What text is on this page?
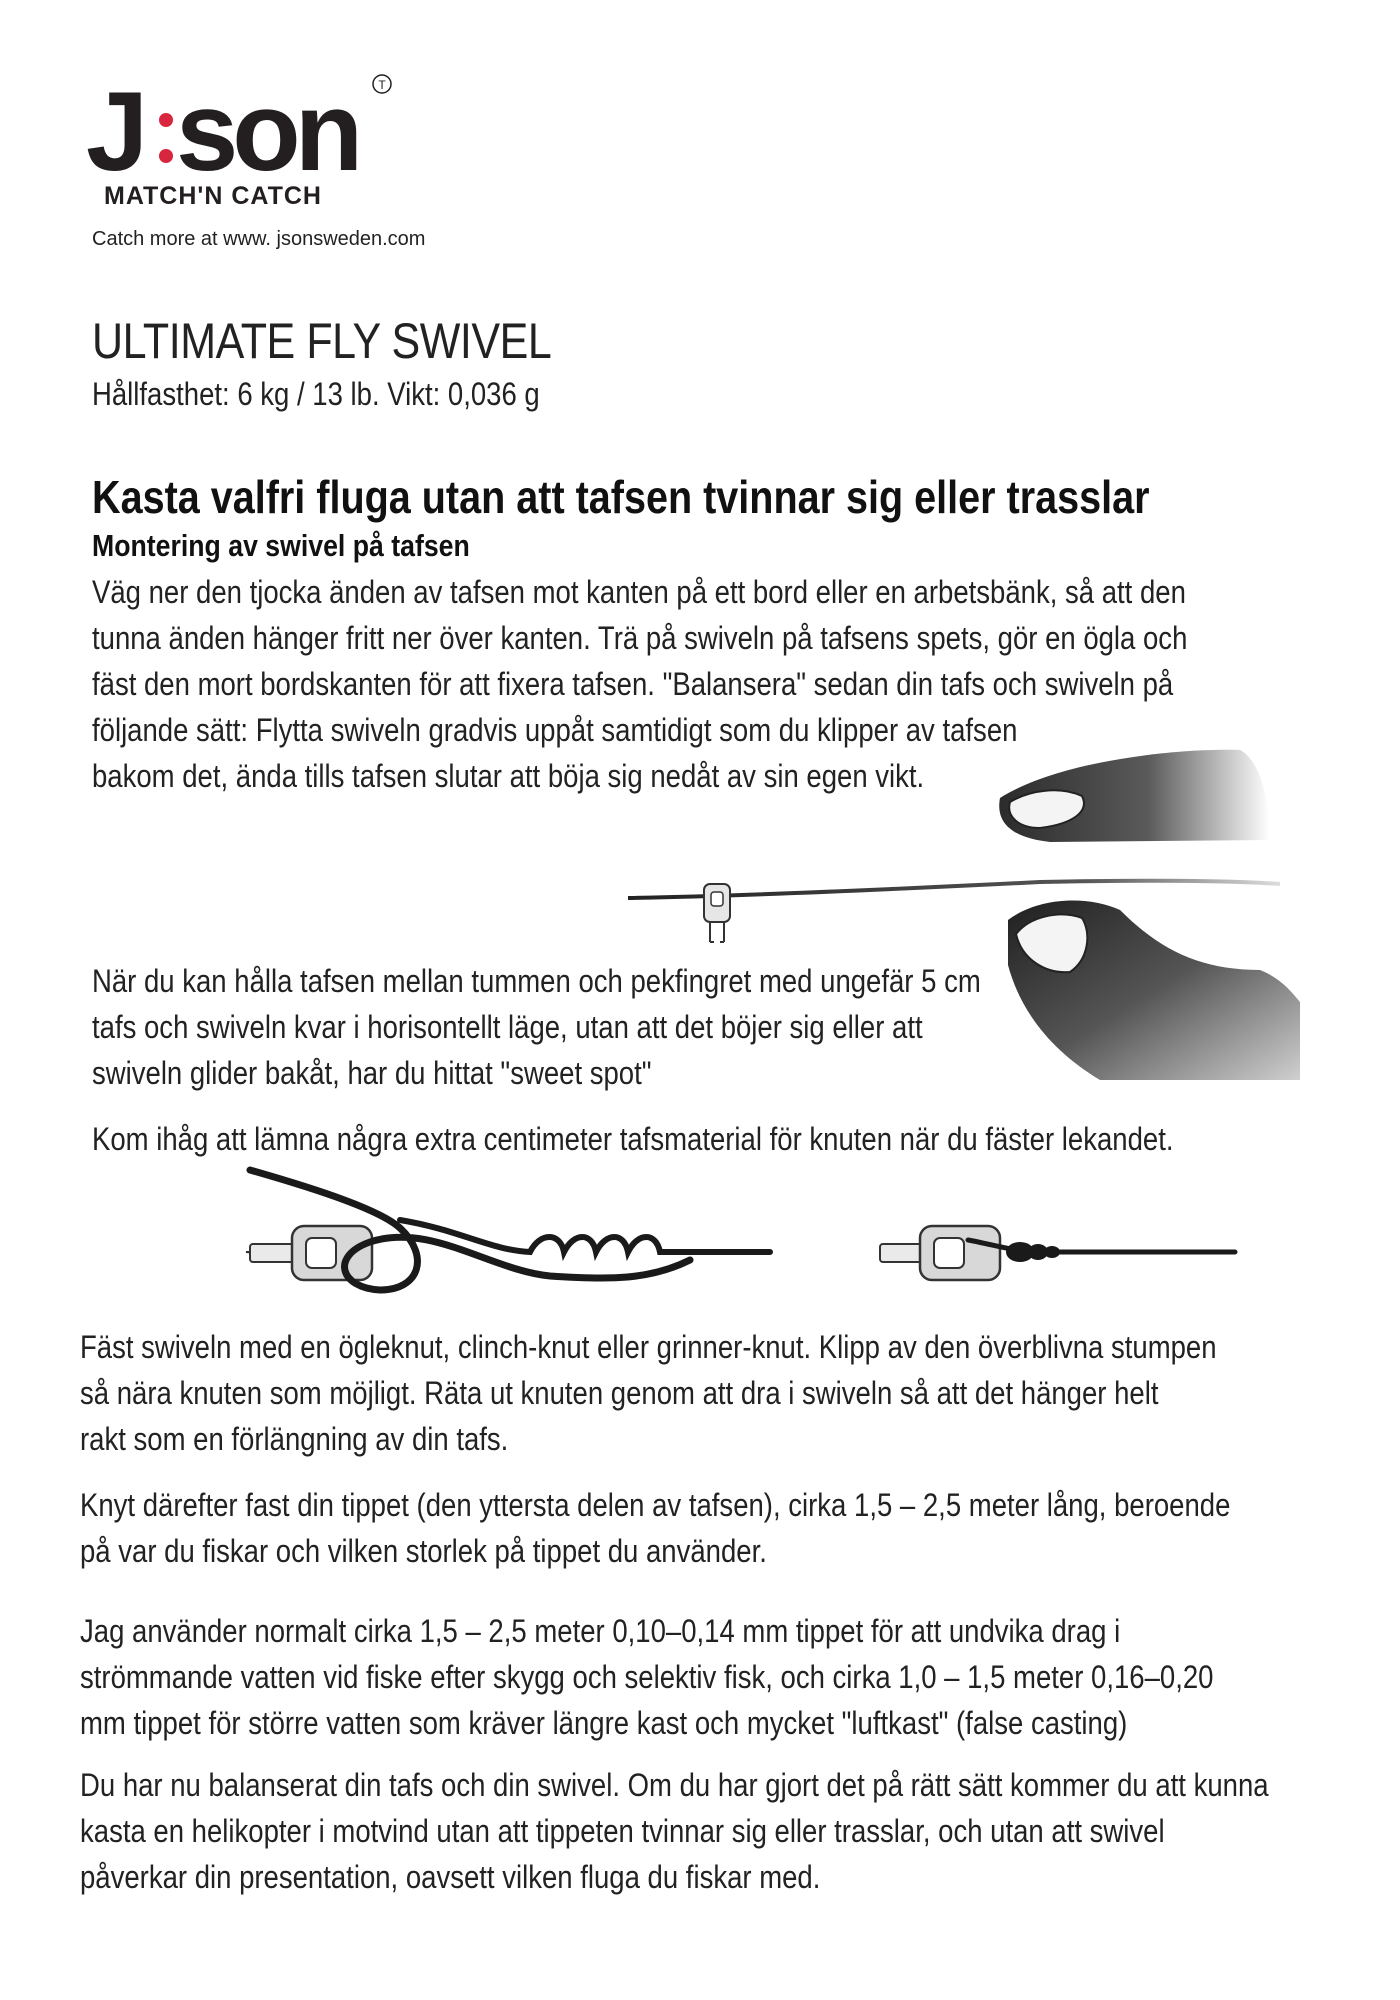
J son T
MATCH'N CATCH
Catch more at www. jsonsweden.com
ULTIMATE FLY SWIVEL
Hållfasthet: 6 kg / 13 lb. Vikt: 0,036 g
Kasta valfri fluga utan att tafsen tvinnar sig eller trasslar
Montering av swivel på tafsen
Väg ner den tjocka änden av tafsen mot kanten på ett bord eller en arbetsbänk, så att den
tunna änden hänger fritt ner över kanten. Trä på swiveln på tafsens spets, gör en ögla och
fäst den mort bordskanten för att fixera tafsen. "Balansera" sedan din tafs och swiveln på
följande sätt: Flytta swiveln gradvis uppåt samtidigt som du klipper av tafsen
bakom det, ända tills tafsen slutar att böja sig nedåt av sin egen vikt.
När du kan hålla tafsen mellan tummen och pekfingret med ungefär 5 cm
tafs och swiveln kvar i horisontellt läge, utan att det böjer sig eller att
swiveln glider bakåt, har du hittat "sweet spot"
Kom ihåg att lämna några extra centimeter tafsmaterial för knuten när du fäster lekandet.
Fäst swiveln med en ögleknut, clinch-knut eller grinner-knut. Klipp av den överblivna stumpen
så nära knuten som möjligt. Räta ut knuten genom att dra i swiveln så att det hänger helt
rakt som en förlängning av din tafs.
Knyt därefter fast din tippet (den yttersta delen av tafsen), cirka 1,5 – 2,5 meter lång, beroende
på var du fiskar och vilken storlek på tippet du använder.
Jag använder normalt cirka 1,5 – 2,5 meter 0,10–0,14 mm tippet för att undvika drag i
strömmande vatten vid fiske efter skygg och selektiv fisk, och cirka 1,0 – 1,5 meter 0,16–0,20
mm tippet för större vatten som kräver längre kast och mycket "luftkast" (false casting)
Du har nu balanserat din tafs och din swivel. Om du har gjort det på rätt sätt kommer du att kunna
kasta en helikopter i motvind utan att tippeten tvinnar sig eller trasslar, och utan att swivel
påverkar din presentation, oavsett vilken fluga du fiskar med.
